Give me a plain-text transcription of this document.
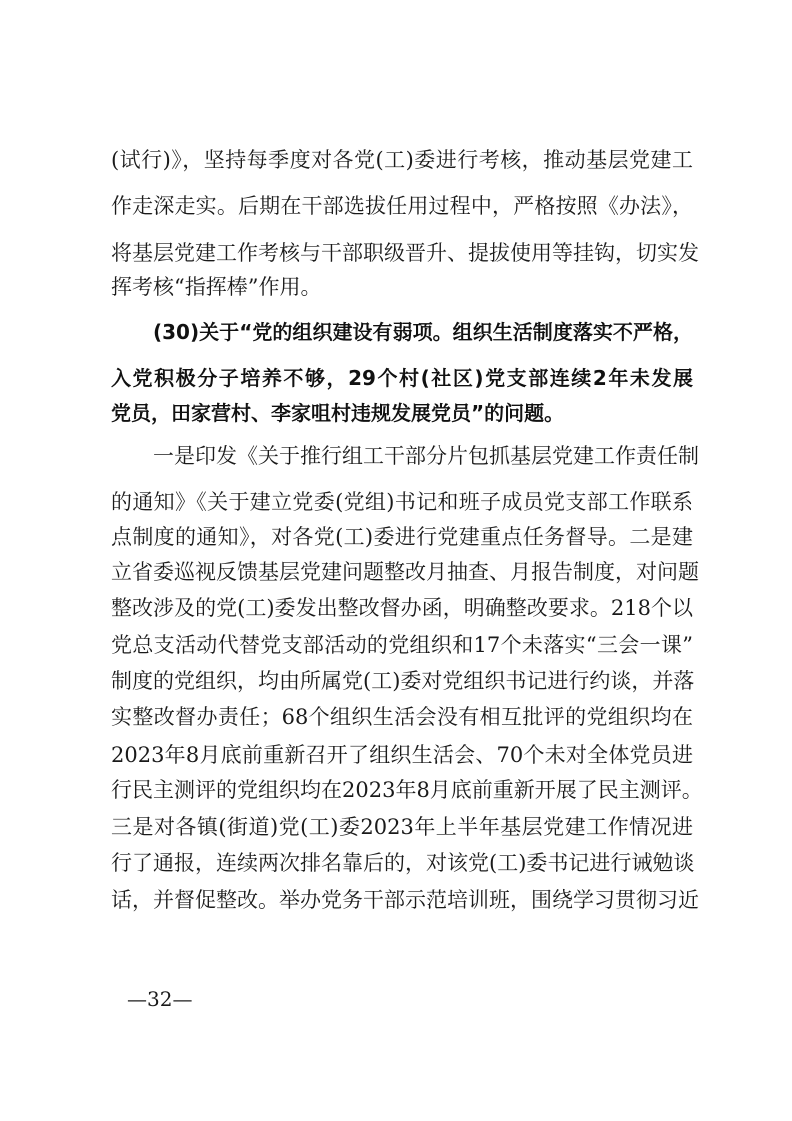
(试行)》，坚持每季度对各党(工)委进行考核，推动基层党建工
作走深走实。后期在干部选拔任用过程中，严格按照《办法》，
将基层党建工作考核与干部职级晋升、提拔使用等挂钩，切实发
挥考核“指挥棒”作用。
(30)关于“党的组织建设有弱项。组织生活制度落实不严格，
入党积极分子培养不够，29个村(社区)党支部连续2年未发展
党员，田家营村、李家咀村违规发展党员”的问题。
一是印发《关于推行组工干部分片包抓基层党建工作责任制
的通知》《关于建立党委(党组)书记和班子成员党支部工作联系
点制度的通知》，对各党(工)委进行党建重点任务督导。二是建
立省委巡视反馈基层党建问题整改月抽查、月报告制度，对问题
整改涉及的党(工)委发出整改督办函，明确整改要求。218个以
党总支活动代替党支部活动的党组织和17个未落实“三会一课”
制度的党组织，均由所属党(工)委对党组织书记进行约谈，并落
实整改督办责任；68个组织生活会没有相互批评的党组织均在
2023年8月底前重新召开了组织生活会、70个未对全体党员进
行民主测评的党组织均在2023年8月底前重新开展了民主测评。
三是对各镇(街道)党(工)委2023年上半年基层党建工作情况进
行了通报，连续两次排名靠后的，对该党(工)委书记进行诫勉谈
话，并督促整改。举办党务干部示范培训班，围绕学习贯彻习近
—32—
